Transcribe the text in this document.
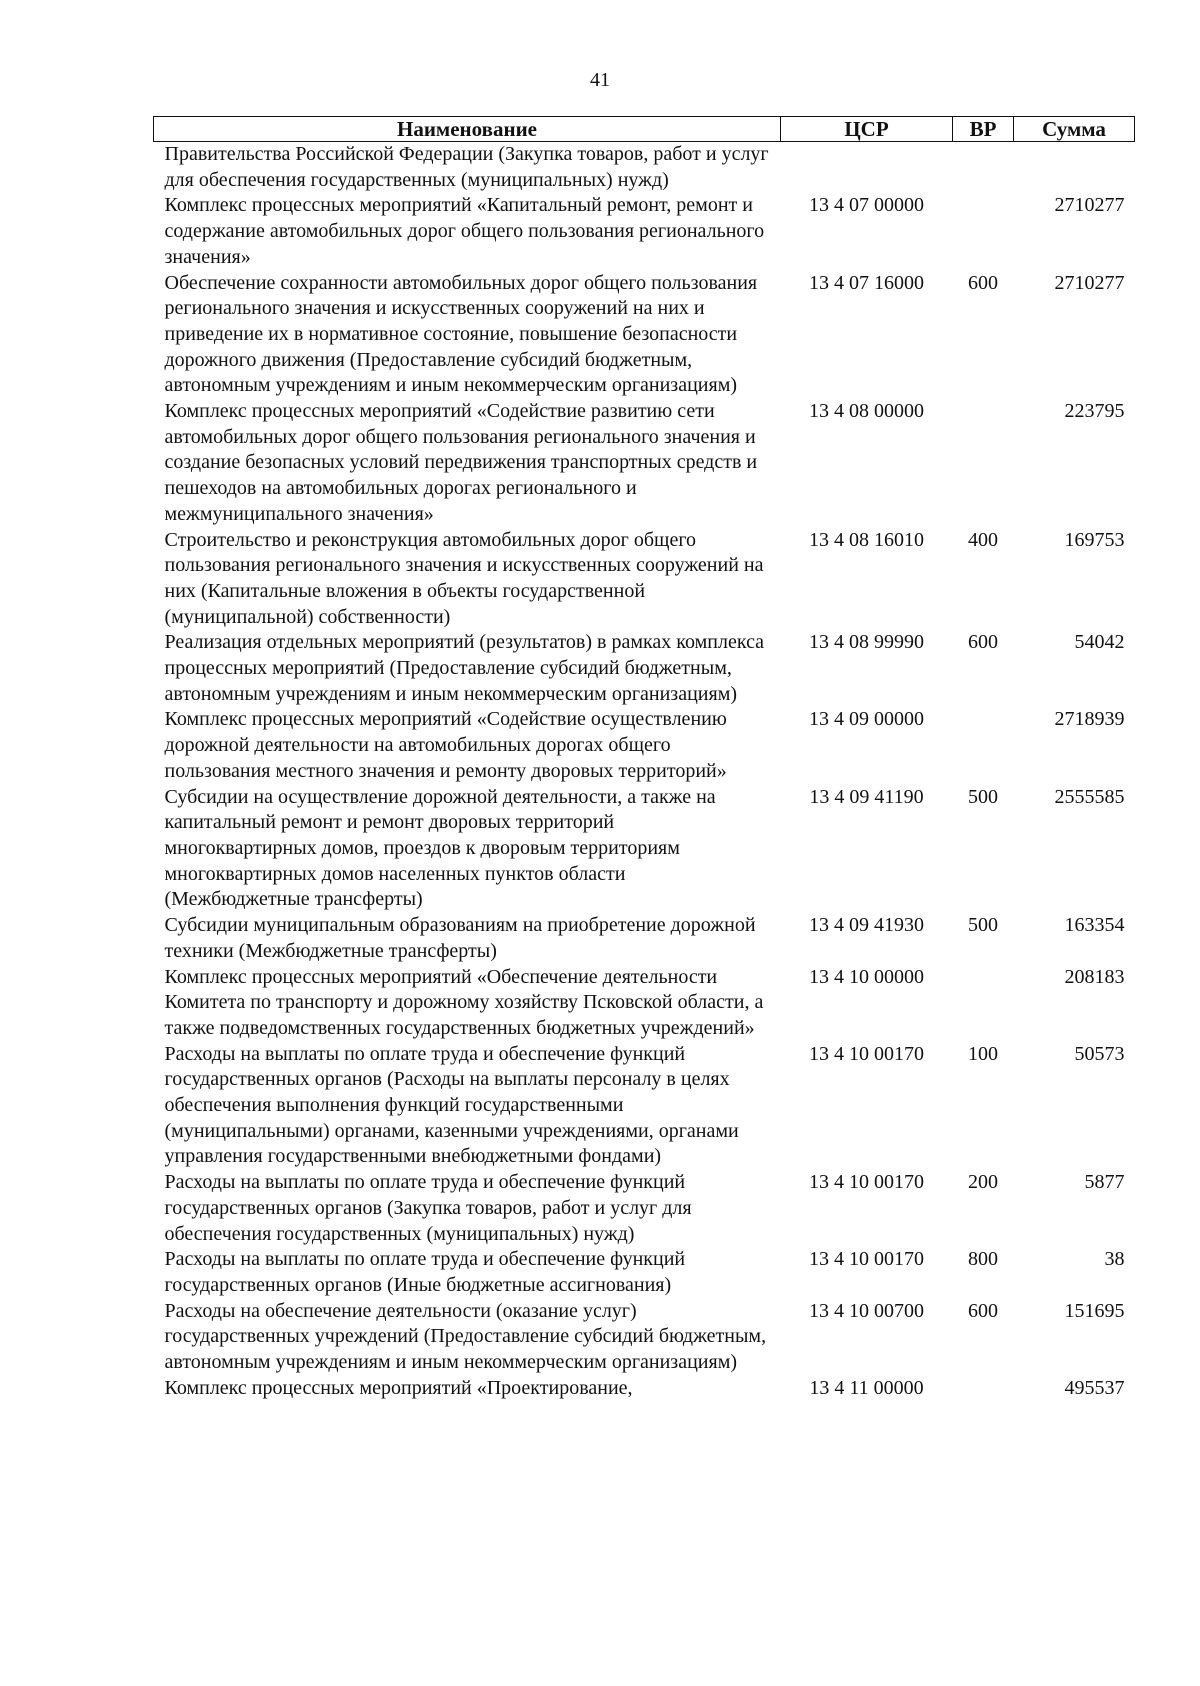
41
Наименование	ЦСР	ВР	Сумма
Правительства Российской Федерации (Закупка товаров, работ и услуг для обеспечения государственных (муниципальных) нужд)			
Комплекс процессных мероприятий «Капитальный ремонт, ремонт и содержание автомобильных дорог общего пользования регионального значения»	13 4 07 00000		2710277
Обеспечение сохранности автомобильных дорог общего пользования регионального значения и искусственных сооружений на них и приведение их в нормативное состояние, повышение безопасности дорожного движения (Предоставление субсидий бюджетным, автономным учреждениям и иным некоммерческим организациям)	13 4 07 16000	600	2710277
Комплекс процессных мероприятий «Содействие развитию сети автомобильных дорог общего пользования регионального значения и создание безопасных условий передвижения транспортных средств и пешеходов на автомобильных дорогах регионального и межмуниципального значения»	13 4 08 00000		223795
Строительство и реконструкция автомобильных дорог общего пользования регионального значения и искусственных сооружений на них (Капитальные вложения в объекты государственной (муниципальной) собственности)	13 4 08 16010	400	169753
Реализация отдельных мероприятий (результатов) в рамках комплекса процессных мероприятий (Предоставление субсидий бюджетным, автономным учреждениям и иным некоммерческим организациям)	13 4 08 99990	600	54042
Комплекс процессных мероприятий «Содействие осуществлению дорожной деятельности на автомобильных дорогах общего пользования местного значения и ремонту дворовых территорий»	13 4 09 00000		2718939
Субсидии на осуществление дорожной деятельности, а также на капитальный ремонт и ремонт дворовых территорий многоквартирных домов, проездов к дворовым территориям многоквартирных домов населенных пунктов области (Межбюджетные трансферты)	13 4 09 41190	500	2555585
Субсидии муниципальным образованиям на приобретение дорожной техники (Межбюджетные трансферты)	13 4 09 41930	500	163354
Комплекс процессных мероприятий «Обеспечение деятельности Комитета по транспорту и дорожному хозяйству Псковской области, а также подведомственных государственных бюджетных учреждений»	13 4 10 00000		208183
Расходы на выплаты по оплате труда и обеспечение функций государственных органов (Расходы на выплаты персоналу в целях обеспечения выполнения функций государственными (муниципальными) органами, казенными учреждениями, органами управления государственными внебюджетными фондами)	13 4 10 00170	100	50573
Расходы на выплаты по оплате труда и обеспечение функций государственных органов (Закупка товаров, работ и услуг для обеспечения государственных (муниципальных) нужд)	13 4 10 00170	200	5877
Расходы на выплаты по оплате труда и обеспечение функций государственных органов (Иные бюджетные ассигнования)	13 4 10 00170	800	38
Расходы на обеспечение деятельности (оказание услуг) государственных учреждений (Предоставление субсидий бюджетным, автономным учреждениям и иным некоммерческим организациям)	13 4 10 00700	600	151695
Комплекс процессных мероприятий «Проектирование,	13 4 11 00000		495537
